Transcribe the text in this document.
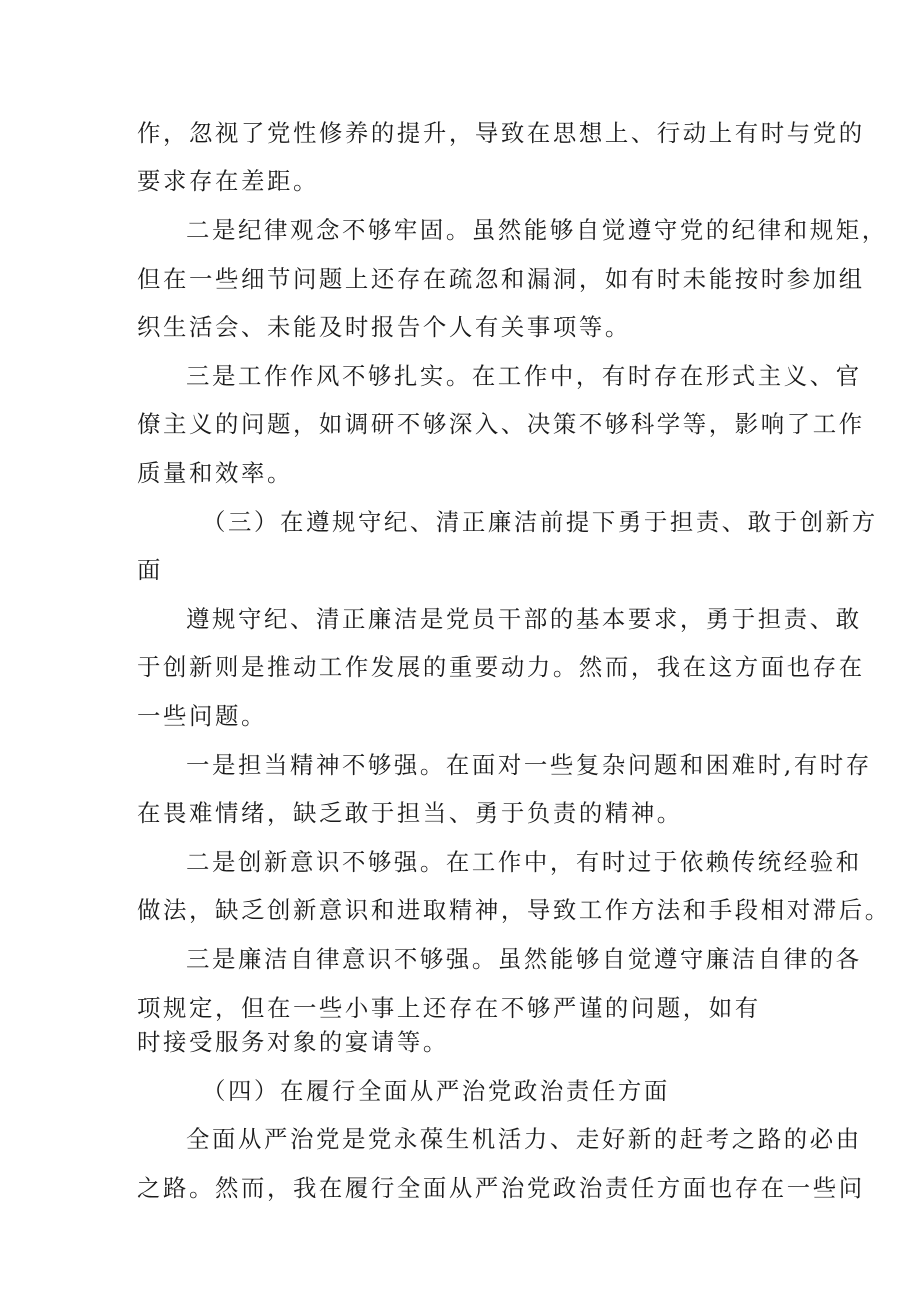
作，忽视了党性修养的提升，导致在思想上、行动上有时与党的

要求存在差距。

二是纪律观念不够牢固。虽然能够自觉遵守党的纪律和规矩，

但在一些细节问题上还存在疏忽和漏洞，如有时未能按时参加组

织生活会、未能及时报告个人有关事项等。

三是工作作风不够扎实。在工作中，有时存在形式主义、官

僚主义的问题，如调研不够深入、决策不够科学等，影响了工作

质量和效率。

（三）在遵规守纪、清正廉洁前提下勇于担责、敢于创新方

面

遵规守纪、清正廉洁是党员干部的基本要求，勇于担责、敢

于创新则是推动工作发展的重要动力。然而，我在这方面也存在

一些问题。

一是担当精神不够强。在面对一些复杂问题和困难时,有时存

在畏难情绪，缺乏敢于担当、勇于负责的精神。

二是创新意识不够强。在工作中，有时过于依赖传统经验和

做法，缺乏创新意识和进取精神，导致工作方法和手段相对滞后。

三是廉洁自律意识不够强。虽然能够自觉遵守廉洁自律的各

项规定，但在一些小事上还存在不够严谨的问题，如有

时接受服务对象的宴请等。

（四）在履行全面从严治党政治责任方面

全面从严治党是党永葆生机活力、走好新的赶考之路的必由

之路。然而，我在履行全面从严治党政治责任方面也存在一些问
